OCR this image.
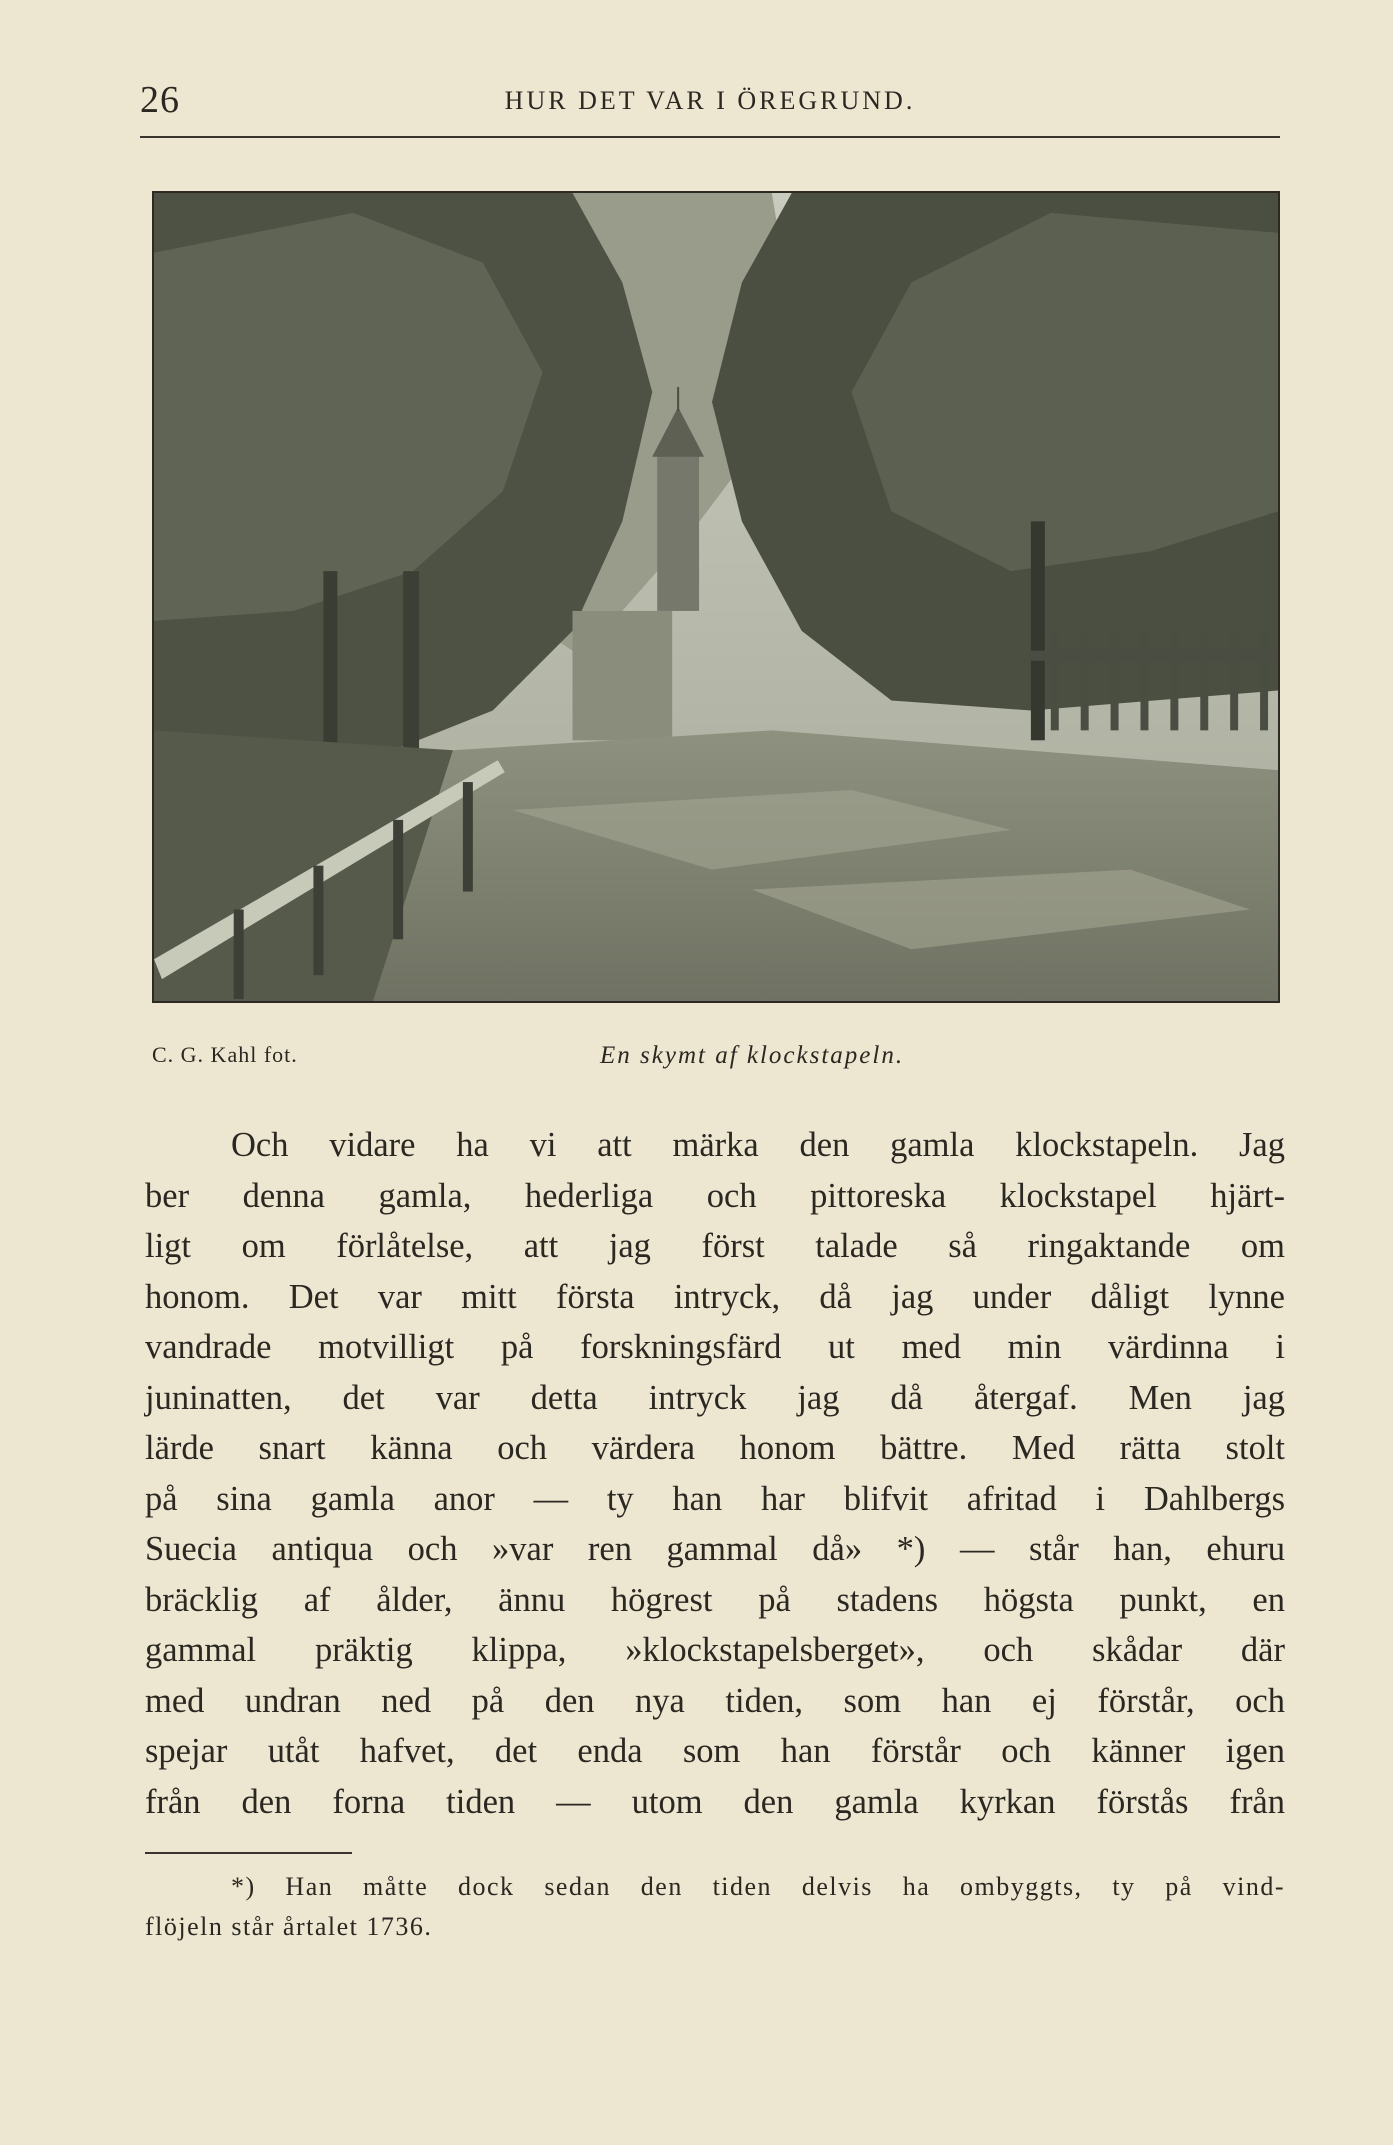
26	HUR DET VAR I ÖREGRUND.
C. G. Kahl fot.	En skymt af klockstapeln.
Och vidare ha vi att märka den gamla klockstapeln. Jag
ber denna gamla, hederliga och pittoreska klockstapel hjärt-
ligt om förlåtelse, att jag först talade så ringaktande om
honom. Det var mitt första intryck, då jag under dåligt lynne
vandrade motvilligt på forskningsfärd ut med min värdinna i
juninatten, det var detta intryck jag då återgaf. Men jag
lärde snart känna och värdera honom bättre. Med rätta stolt
på sina gamla anor — ty han har blifvit afritad i Dahlbergs
Suecia antiqua och »var ren gammal då» *) — står han, ehuru
bräcklig af ålder, ännu högrest på stadens högsta punkt, en
gammal präktig klippa, »klockstapelsberget», och skådar där
med undran ned på den nya tiden, som han ej förstår, och
spejar utåt hafvet, det enda som han förstår och känner igen
från den forna tiden — utom den gamla kyrkan förstås från
*) Han måtte dock sedan den tiden delvis ha ombyggts, ty på vind-
flöjeln står årtalet 1736.
